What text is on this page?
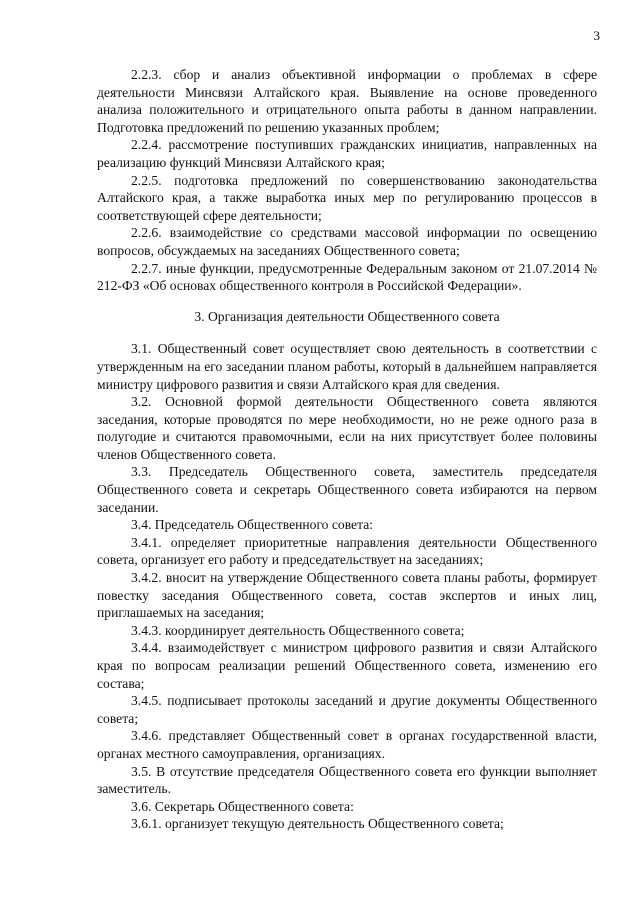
3

2.2.3. сбор и анализ объективной информации о проблемах в сфере деятельности Минсвязи Алтайского края. Выявление на основе проведенного анализа положительного и отрицательного опыта работы в данном направлении. Подготовка предложений по решению указанных проблем;

2.2.4. рассмотрение поступивших гражданских инициатив, направленных на реализацию функций Минсвязи Алтайского края;

2.2.5. подготовка предложений по совершенствованию законодательства Алтайского края, а также выработка иных мер по регулированию процессов в соответствующей сфере деятельности;

2.2.6. взаимодействие со средствами массовой информации по освещению вопросов, обсуждаемых на заседаниях Общественного совета;

2.2.7. иные функции, предусмотренные Федеральным законом от 21.07.2014 № 212-ФЗ «Об основах общественного контроля в Российской Федерации».

3. Организация деятельности Общественного совета

3.1. Общественный совет осуществляет свою деятельность в соответствии с утвержденным на его заседании планом работы, который в дальнейшем направляется министру цифрового развития и связи Алтайского края для сведения.

3.2. Основной формой деятельности Общественного совета являются заседания, которые проводятся по мере необходимости, но не реже одного раза в полугодие и считаются правомочными, если на них присутствует более половины членов Общественного совета.

3.3. Председатель Общественного совета, заместитель председателя Общественного совета и секретарь Общественного совета избираются на первом заседании.

3.4. Председатель Общественного совета:

3.4.1. определяет приоритетные направления деятельности Общественного совета, организует его работу и председательствует на заседаниях;

3.4.2. вносит на утверждение Общественного совета планы работы, формирует повестку заседания Общественного совета, состав экспертов и иных лиц, приглашаемых на заседания;

3.4.3. координирует деятельность Общественного совета;

3.4.4. взаимодействует с министром цифрового развития и связи Алтайского края по вопросам реализации решений Общественного совета, изменению его состава;

3.4.5. подписывает протоколы заседаний и другие документы Общественного совета;

3.4.6. представляет Общественный совет в органах государственной власти, органах местного самоуправления, организациях.

3.5. В отсутствие председателя Общественного совета его функции выполняет заместитель.

3.6. Секретарь Общественного совета:

3.6.1. организует текущую деятельность Общественного совета;
